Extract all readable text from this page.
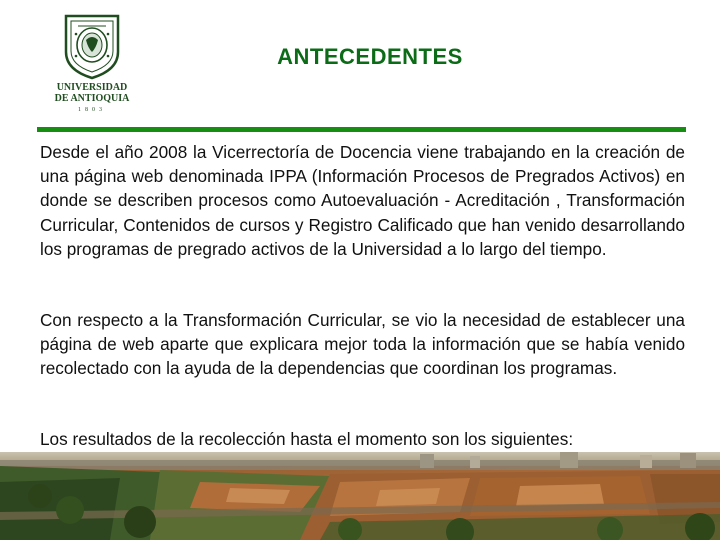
UNIVERSIDAD
DE ANTIOQUIA
1803
ANTECEDENTES

Desde el año 2008 la Vicerrectoría de Docencia viene trabajando en la creación de una página web denominada IPPA (Información Procesos de Pregrados Activos) en donde se describen procesos como Autoevaluación - Acreditación , Transformación Curricular, Contenidos de cursos y Registro Calificado que han venido desarrollando los programas de pregrado activos de la Universidad a lo largo del tiempo.

Con respecto a la Transformación Curricular, se vio la necesidad de establecer una página de web aparte que explicara mejor toda la información que se había venido recolectado con la ayuda de la dependencias que coordinan los programas.

Los resultados de la recolección hasta el momento son los siguientes:
